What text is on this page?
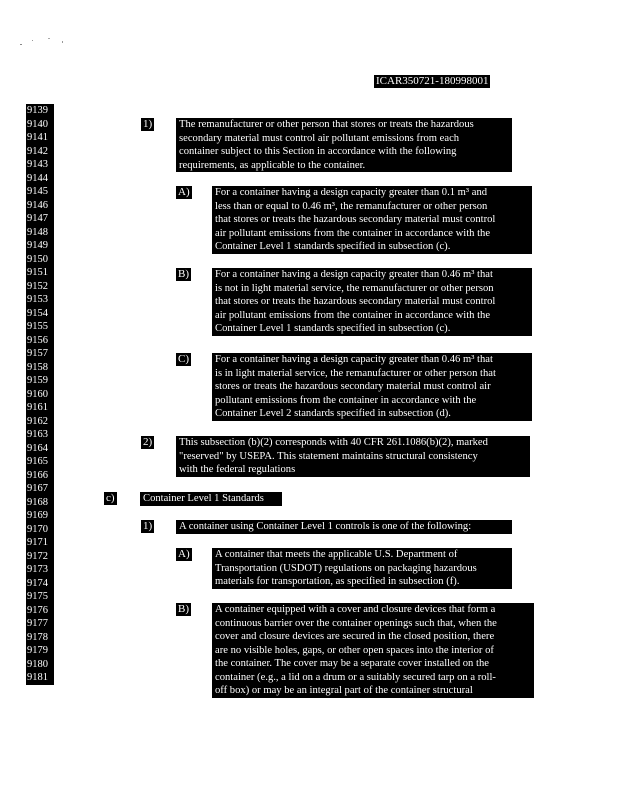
ICAR350721-180998001
9139
9140
9141
9142
9143
9144
9145
9146
9147
9148
9149
9150
9151
9152
9153
9154
9155
9156
9157
9158
9159
9160
9161
9162
9163
9164
9165
9166
9167
9168
9169
9170
9171
9172
9173
9174
9175
9176
9177
9178
9179
9180
9181
1)	The remanufacturer or other person that stores or treats the hazardous
secondary material must control air pollutant emissions from each
container subject to this Section in accordance with the following
requirements, as applicable to the container.
A) For a container having a design capacity greater than 0.1 m³ and
less than or equal to 0.46 m³, the remanufacturer or other person
that stores or treats the hazardous secondary material must control
air pollutant emissions from the container in accordance with the
Container Level 1 standards specified in subsection (c).
B) For a container having a design capacity greater than 0.46 m³ that
is not in light material service, the remanufacturer or other person
that stores or treats the hazardous secondary material must control
air pollutant emissions from the container in accordance with the
Container Level 1 standards specified in subsection (c).
C) For a container having a design capacity greater than 0.46 m³ that
is in light material service, the remanufacturer or other person that
stores or treats the hazardous secondary material must control air
pollutant emissions from the container in accordance with the
Container Level 2 standards specified in subsection (d).
2)	This subsection (b)(2) corresponds with 40 CFR 261.1086(b)(2), marked
"reserved" by USEPA. This statement maintains structural consistency
with the federal regulations
c)	Container Level 1 Standards
1)	A container using Container Level 1 controls is one of the following:
A) A container that meets the applicable U.S. Department of
Transportation (USDOT) regulations on packaging hazardous
materials for transportation, as specified in subsection (f).
B) A container equipped with a cover and closure devices that form a
continuous barrier over the container openings such that, when the
cover and closure devices are secured in the closed position, there
are no visible holes, gaps, or other open spaces into the interior of
the container. The cover may be a separate cover installed on the
container (e.g., a lid on a drum or a suitably secured tarp on a roll-
off box) or may be an integral part of the container structural
